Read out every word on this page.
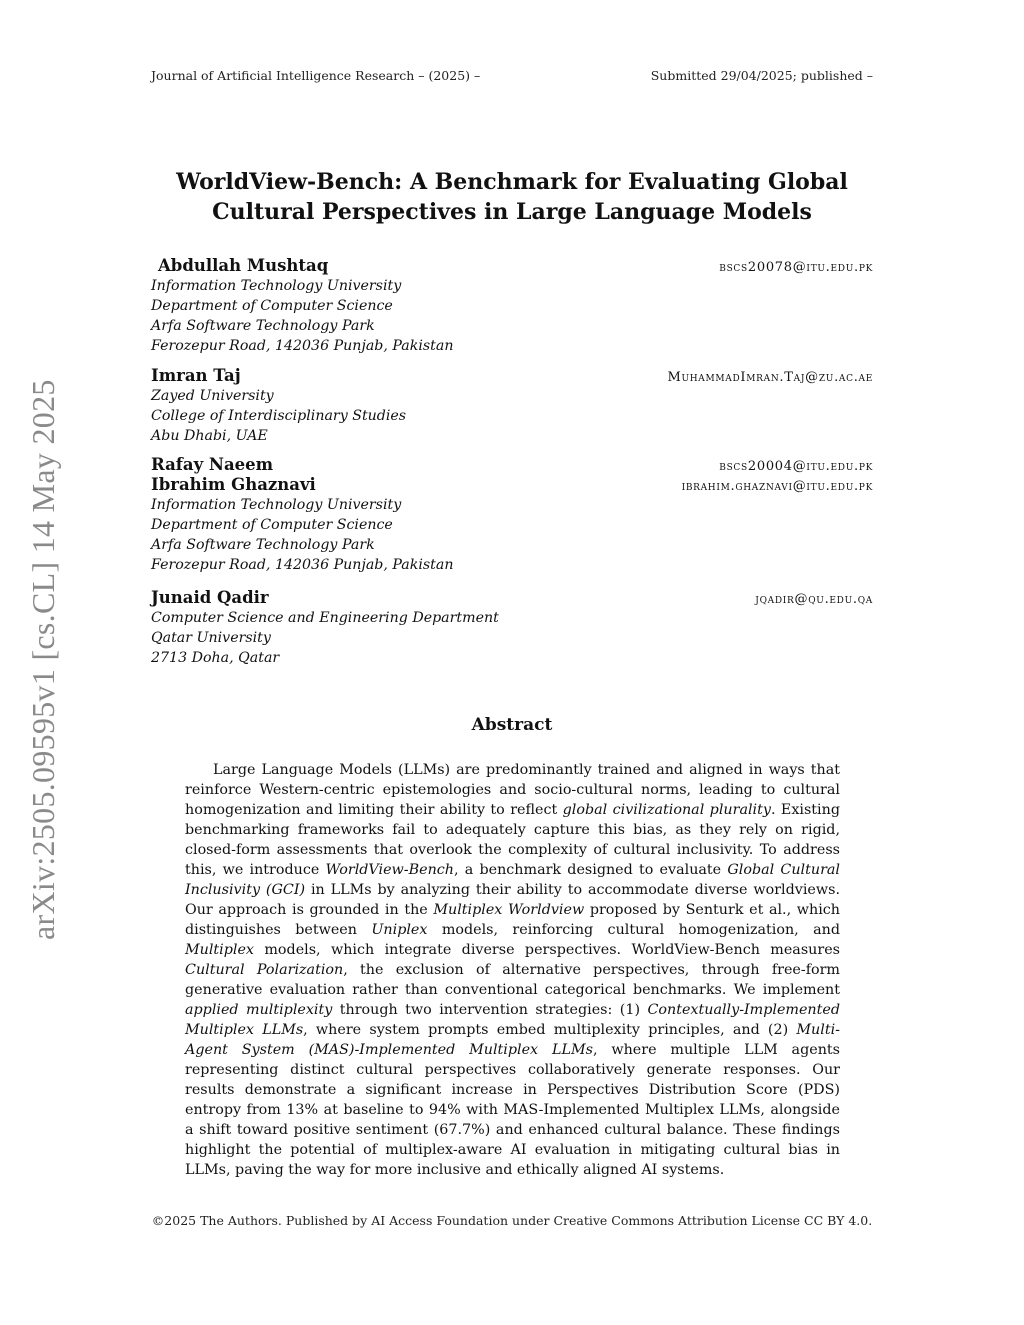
Journal of Artificial Intelligence Research – (2025) –	Submitted 29/04/2025; published –
arXiv:2505.09595v1 [cs.CL] 14 May 2025
WorldView-Bench: A Benchmark for Evaluating Global
Cultural Perspectives in Large Language Models
Abdullah Mushtaq	bscs20078@itu.edu.pk
Information Technology University
Department of Computer Science
Arfa Software Technology Park
Ferozepur Road, 142036 Punjab, Pakistan
Imran Taj	MuhammadImran.Taj@zu.ac.ae
Zayed University
College of Interdisciplinary Studies
Abu Dhabi, UAE
Rafay Naeem	bscs20004@itu.edu.pk
Ibrahim Ghaznavi	ibrahim.ghaznavi@itu.edu.pk
Information Technology University
Department of Computer Science
Arfa Software Technology Park
Ferozepur Road, 142036 Punjab, Pakistan
Junaid Qadir	jqadir@qu.edu.qa
Computer Science and Engineering Department
Qatar University
2713 Doha, Qatar
Abstract

Large Language Models (LLMs) are predominantly trained and aligned in ways that reinforce Western-centric epistemologies and socio-cultural norms, leading to cultural homogenization and limiting their ability to reflect global civilizational plurality. Existing benchmarking frameworks fail to adequately capture this bias, as they rely on rigid, closed-form assessments that overlook the complexity of cultural inclusivity. To address this, we introduce WorldView-Bench, a benchmark designed to evaluate Global Cultural Inclusivity (GCI) in LLMs by analyzing their ability to accommodate diverse worldviews. Our approach is grounded in the Multiplex Worldview proposed by Senturk et al., which distinguishes between Uniplex models, reinforcing cultural homogenization, and Multiplex models, which integrate diverse perspectives. WorldView-Bench measures Cultural Polarization, the exclusion of alternative perspectives, through free-form generative evaluation rather than conventional categorical benchmarks. We implement applied multiplexity through two intervention strategies: (1) Contextually-Implemented Multiplex LLMs, where system prompts embed multiplexity principles, and (2) Multi-Agent System (MAS)-Implemented Multiplex LLMs, where multiple LLM agents representing distinct cultural perspectives collaboratively generate responses. Our results demonstrate a significant increase in Perspectives Distribution Score (PDS) entropy from 13% at baseline to 94% with MAS-Implemented Multiplex LLMs, alongside a shift toward positive sentiment (67.7%) and enhanced cultural balance. These findings highlight the potential of multiplex-aware AI evaluation in mitigating cultural bias in LLMs, paving the way for more inclusive and ethically aligned AI systems.

©2025 The Authors. Published by AI Access Foundation under Creative Commons Attribution License CC BY 4.0.
